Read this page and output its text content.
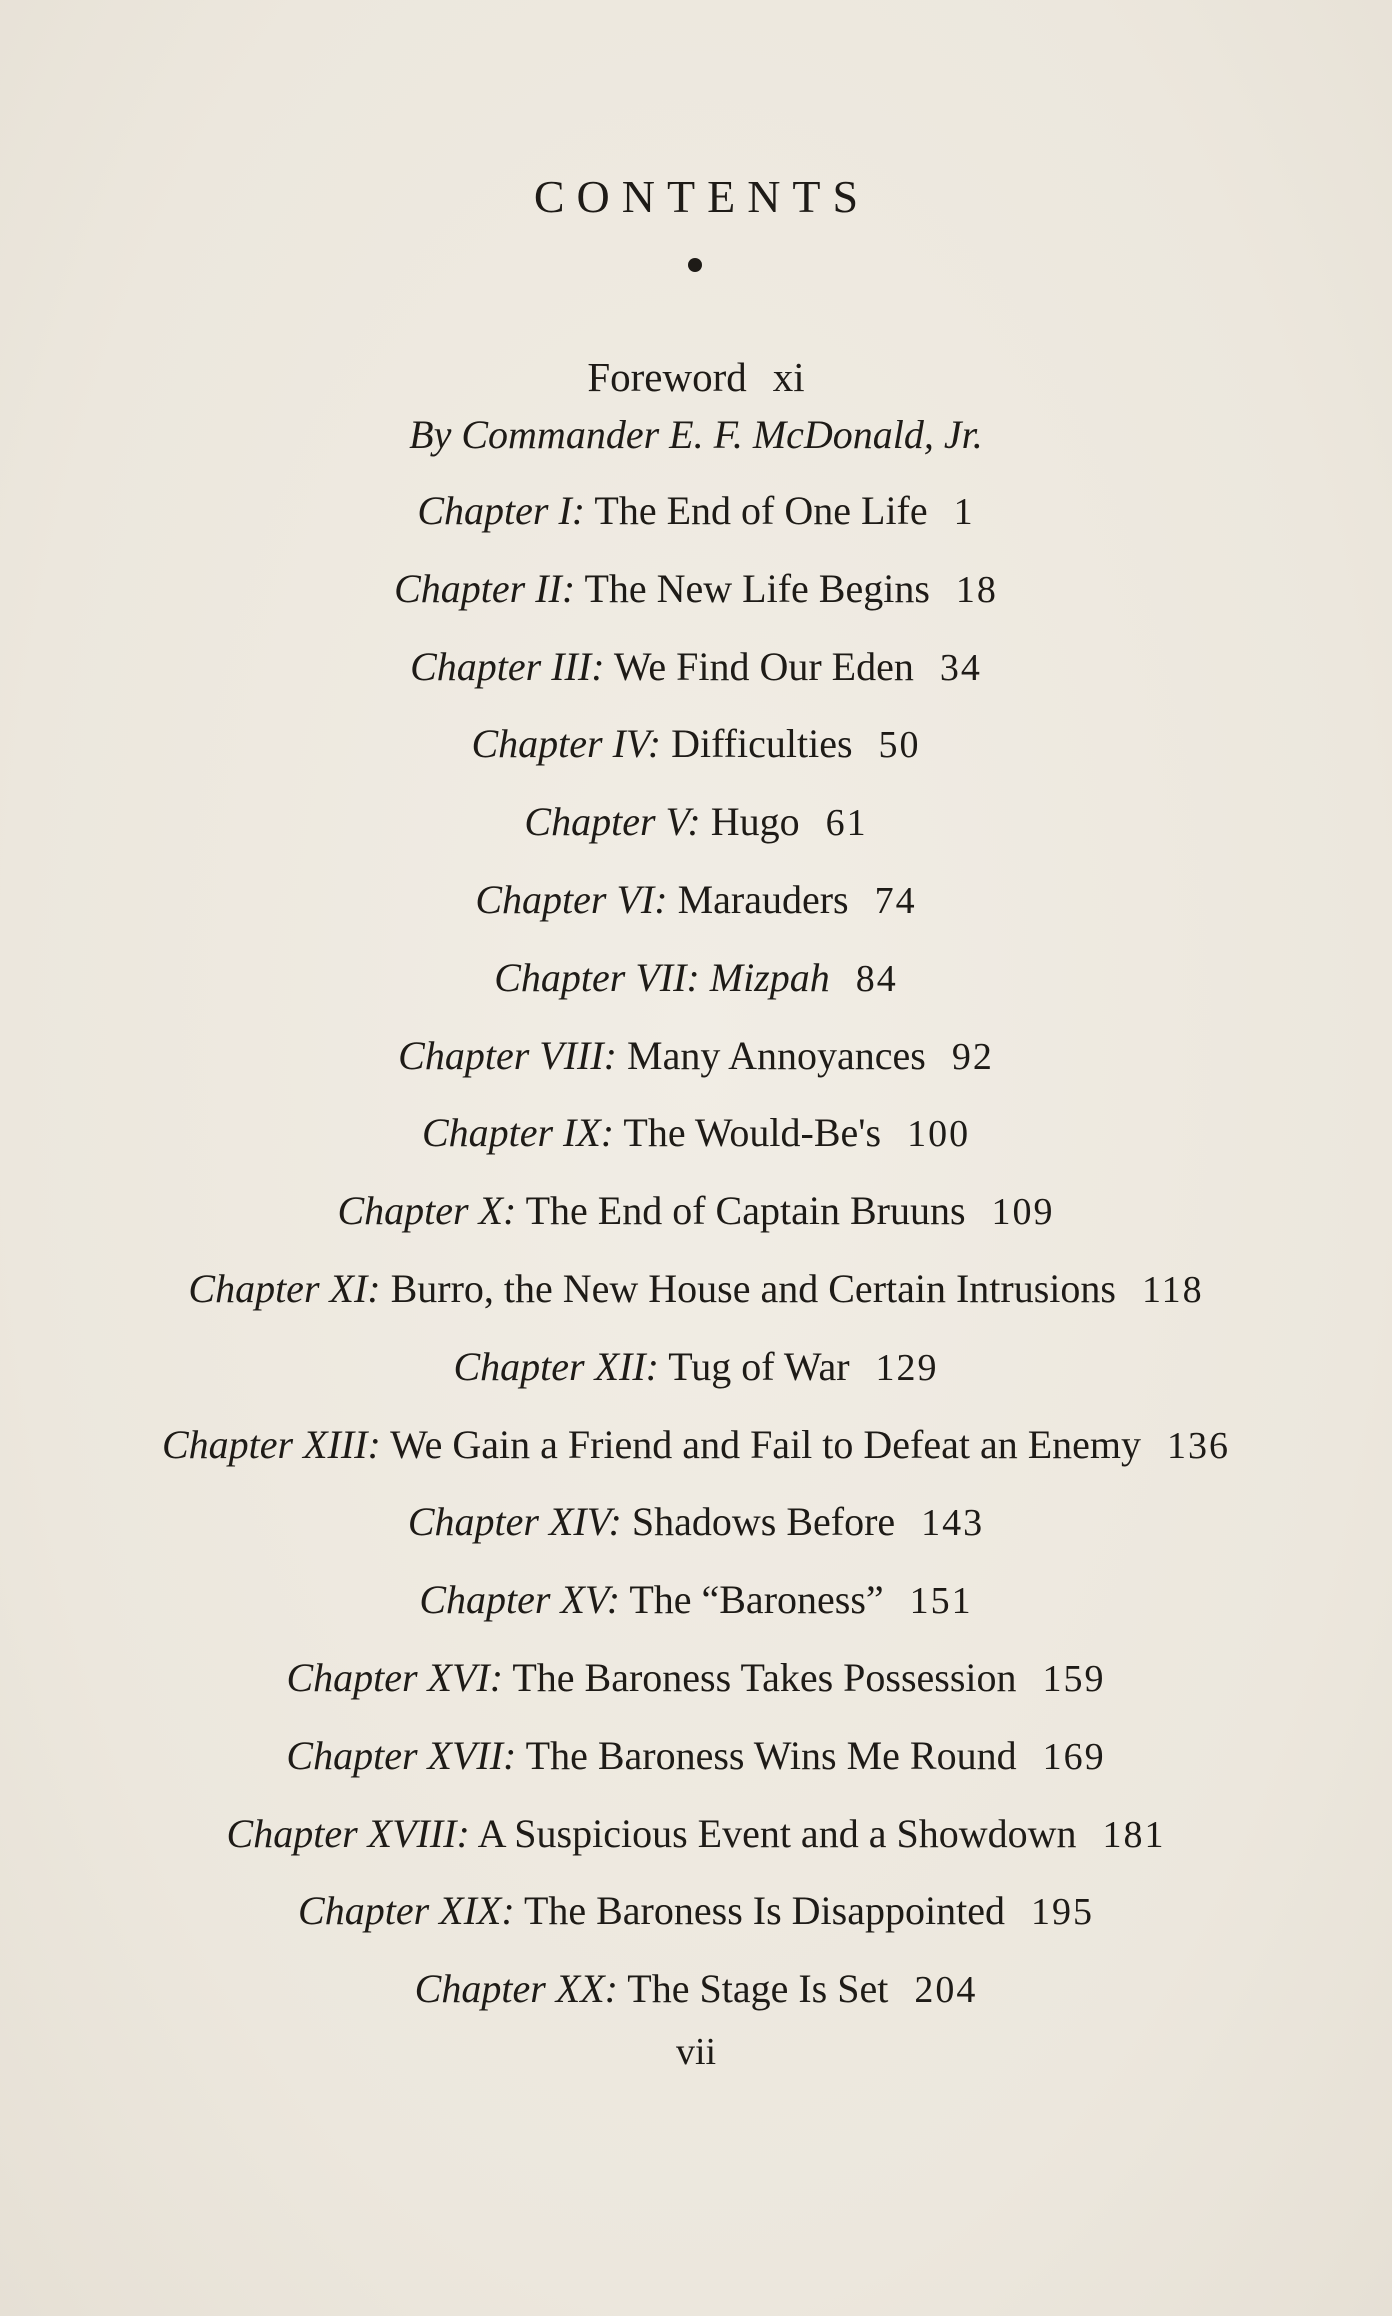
CONTENTS
Foreword xi
By Commander E. F. McDonald, Jr.
Chapter I: The End of One Life 1
Chapter II: The New Life Begins 18
Chapter III: We Find Our Eden 34
Chapter IV: Difficulties 50
Chapter V: Hugo 61
Chapter VI: Marauders 74
Chapter VII: Mizpah 84
Chapter VIII: Many Annoyances 92
Chapter IX: The Would-Be's 100
Chapter X: The End of Captain Bruuns 109
Chapter XI: Burro, the New House and Certain Intrusions 118
Chapter XII: Tug of War 129
Chapter XIII: We Gain a Friend and Fail to Defeat an Enemy 136
Chapter XIV: Shadows Before 143
Chapter XV: The “Baroness” 151
Chapter XVI: The Baroness Takes Possession 159
Chapter XVII: The Baroness Wins Me Round 169
Chapter XVIII: A Suspicious Event and a Showdown 181
Chapter XIX: The Baroness Is Disappointed 195
Chapter XX: The Stage Is Set 204
vii
